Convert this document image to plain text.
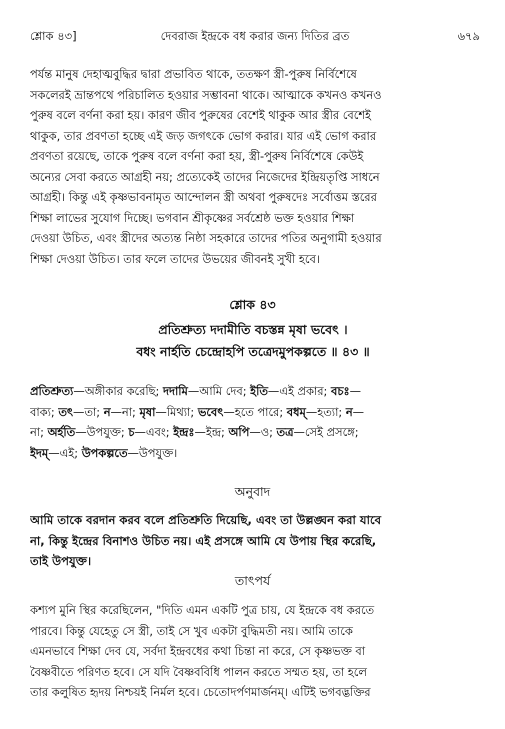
শ্লোক ৪৩]	দেবরাজ ইন্দ্রকে বধ করার জন্য দিতির ব্রত	৬৭৯
পর্যন্ত মানুষ দেহাত্মবুদ্ধির দ্বারা প্রভাবিত থাকে, ততক্ষণ স্ত্রী-পুরুষ নির্বিশেষে
সকলেরই ভ্রান্তপথে পরিচালিত হওয়ার সম্ভাবনা থাকে। আত্মাকে কখনও কখনও
পুরুষ বলে বর্ণনা করা হয়। কারণ জীব পুরুষের বেশেই থাকুক আর স্ত্রীর বেশেই
থাকুক, তার প্রবণতা হচ্ছে এই জড় জগৎকে ভোগ করার। যার এই ভোগ করার
প্রবণতা রয়েছে, তাকে পুরুষ বলে বর্ণনা করা হয়, স্ত্রী-পুরুষ নির্বিশেষে কেউই
অন্যের সেবা করতে আগ্রহী নয়; প্রত্যেকেই তাদের নিজেদের ইন্দ্রিয়তৃপ্তি সাধনে
আগ্রহী। কিন্তু এই কৃষ্ণভাবনামৃত আন্দোলন স্ত্রী অথবা পুরুষদেঃ সর্বোত্তম স্তরের
শিক্ষা লাভের সুযোগ দিচ্ছে। ভগবান শ্রীকৃষ্ণের সর্বশ্রেষ্ঠ ভক্ত হওয়ার শিক্ষা
দেওয়া উচিত, এবং স্ত্রীদের অত্যন্ত নিষ্ঠা সহকারে তাদের পতির অনুগামী হওয়ার
শিক্ষা দেওয়া উচিত। তার ফলে তাদের উভয়ের জীবনই সুখী হবে।
শ্লোক ৪৩
প্রতিশ্রুত্য দদামীতি বচস্তন্ন মৃষা ভবেৎ ।
বধং নার্হতি চেন্দ্রোহপি তত্রেদমুপকল্পতে ॥ ৪৩ ॥
প্রতিশ্রুত্য—অঙ্গীকার করেছি; দদামি—আমি দেব; ইতি—এই প্রকার; বচঃ—
বাক্য; তৎ—তা; ন—না; মৃষা—মিথ্যা; ভবেৎ—হতে পারে; বধম্—হত্যা; ন—
না; অর্হতি—উপযুক্ত; চ—এবং; ইন্দ্রঃ—ইন্দ্র; অপি—ও; তত্র—সেই প্রসঙ্গে;
ইদম্—এই; উপকল্পতে—উপযুক্ত।
অনুবাদ
আমি তাকে বরদান করব বলে প্রতিশ্রুতি দিয়েছি, এবং তা উল্লঙ্ঘন করা যাবে
না, কিন্তু ইন্দ্রের বিনাশও উচিত নয়। এই প্রসঙ্গে আমি যে উপায় স্থির করেছি,
তাই উপযুক্ত।
তাৎপর্য
কশ্যপ মুনি স্থির করেছিলেন, "দিতি এমন একটি পুত্র চায়, যে ইন্দ্রকে বধ করতে
পারবে। কিন্তু যেহেতু সে স্ত্রী, তাই সে খুব একটা বুদ্ধিমতী নয়। আমি তাকে
এমনভাবে শিক্ষা দেব যে, সর্বদা ইন্দ্রবধের কথা চিন্তা না করে, সে কৃষ্ণভক্ত বা
বৈষ্ণবীতে পরিণত হবে। সে যদি বৈষ্ণববিধি পালন করতে সম্মত হয়, তা হলে
তার কলুষিত হৃদয় নিশ্চয়ই নির্মল হবে। চেতোদর্পণমার্জনম্। এটিই ভগবদ্ভক্তির
